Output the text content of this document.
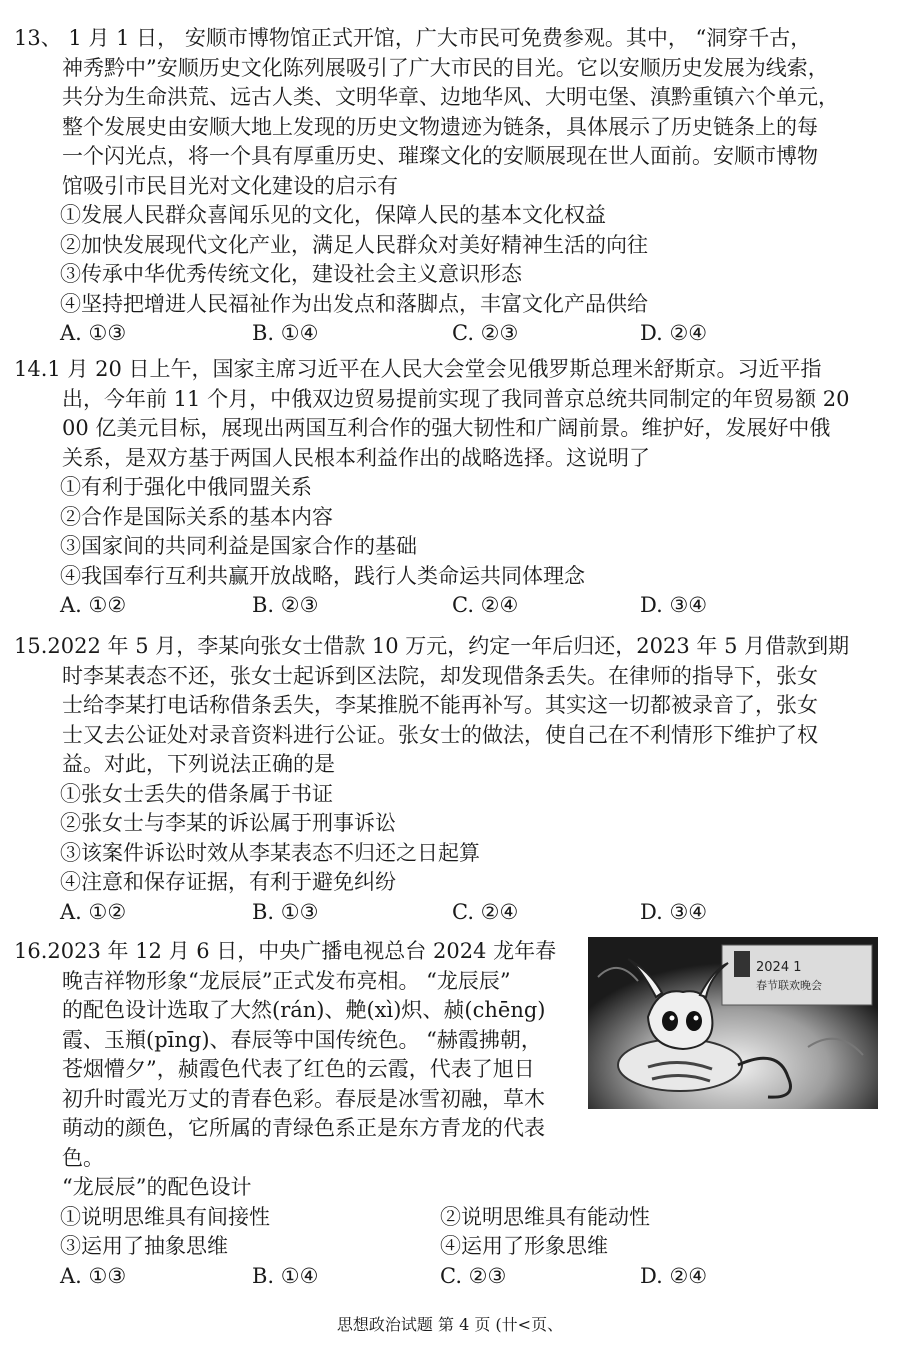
13、 1 月 1 日， 安顺市博物馆正式开馆，广大市民可免费参观。其中， “洞穿千古，
神秀黔中”安顺历史文化陈列展吸引了广大市民的目光。它以安顺历史发展为线索，
共分为生命洪荒、远古人类、文明华章、边地华风、大明屯堡、滇黔重镇六个单元，
整个发展史由安顺大地上发现的历史文物遗迹为链条，具体展示了历史链条上的每
一个闪光点，将一个具有厚重历史、璀璨文化的安顺展现在世人面前。安顺市博物
馆吸引市民目光对文化建设的启示有
①发展人民群众喜闻乐见的文化，保障人民的基本文化权益
②加快发展现代文化产业，满足人民群众对美好精神生活的向往
③传承中华优秀传统文化，建设社会主义意识形态
④坚持把增进人民福祉作为出发点和落脚点，丰富文化产品供给
A. ①③	B. ①④	C. ②③	D. ②④
14.1 月 20 日上午，国家主席习近平在人民大会堂会见俄罗斯总理米舒斯京。习近平指
出，今年前 11 个月，中俄双边贸易提前实现了我同普京总统共同制定的年贸易额 20
00 亿美元目标，展现出两国互利合作的强大韧性和广阔前景。维护好，发展好中俄
关系，是双方基于两国人民根本利益作出的战略选择。这说明了
①有利于强化中俄同盟关系
②合作是国际关系的基本内容
③国家间的共同利益是国家合作的基础
④我国奉行互利共赢开放战略，践行人类命运共同体理念
A. ①②	B. ②③	C. ②④	D. ③④
15.2022 年 5 月，李某向张女士借款 10 万元，约定一年后归还，2023 年 5 月借款到期
时李某表态不还，张女士起诉到区法院，却发现借条丢失。在律师的指导下，张女
士给李某打电话称借条丢失，李某推脱不能再补写。其实这一切都被录音了，张女
士又去公证处对录音资料进行公证。张女士的做法，使自己在不利情形下维护了权
益。对此，下列说法正确的是
①张女士丢失的借条属于书证
②张女士与李某的诉讼属于刑事诉讼
③该案件诉讼时效从李某表态不归还之日起算
④注意和保存证据，有利于避免纠纷
A. ①②	B. ①③	C. ②④	D. ③④
16.2023 年 12 月 6 日，中央广播电视总台 2024 龙年春
晚吉祥物形象“龙辰辰”正式发布亮相。 “龙辰辰”
的配色设计选取了大然(rán)、艴(xì)炽、赪(chēng)
霞、玉頩(pīng)、春辰等中国传统色。 “赫霞拂朝，
苍烟懵夕”，赪霞色代表了红色的云霞，代表了旭日
初升时霞光万丈的青春色彩。春辰是冰雪初融，草木
萌动的颜色，它所属的青绿色系正是东方青龙的代表
色。
“龙辰辰”的配色设计
①说明思维具有间接性	②说明思维具有能动性
③运用了抽象思维	④运用了形象思维
A. ①③	B. ①④	C. ②③	D. ②④
2024 1
春节联欢晚会
思想政治试题 第 4 页 (卄<页、
